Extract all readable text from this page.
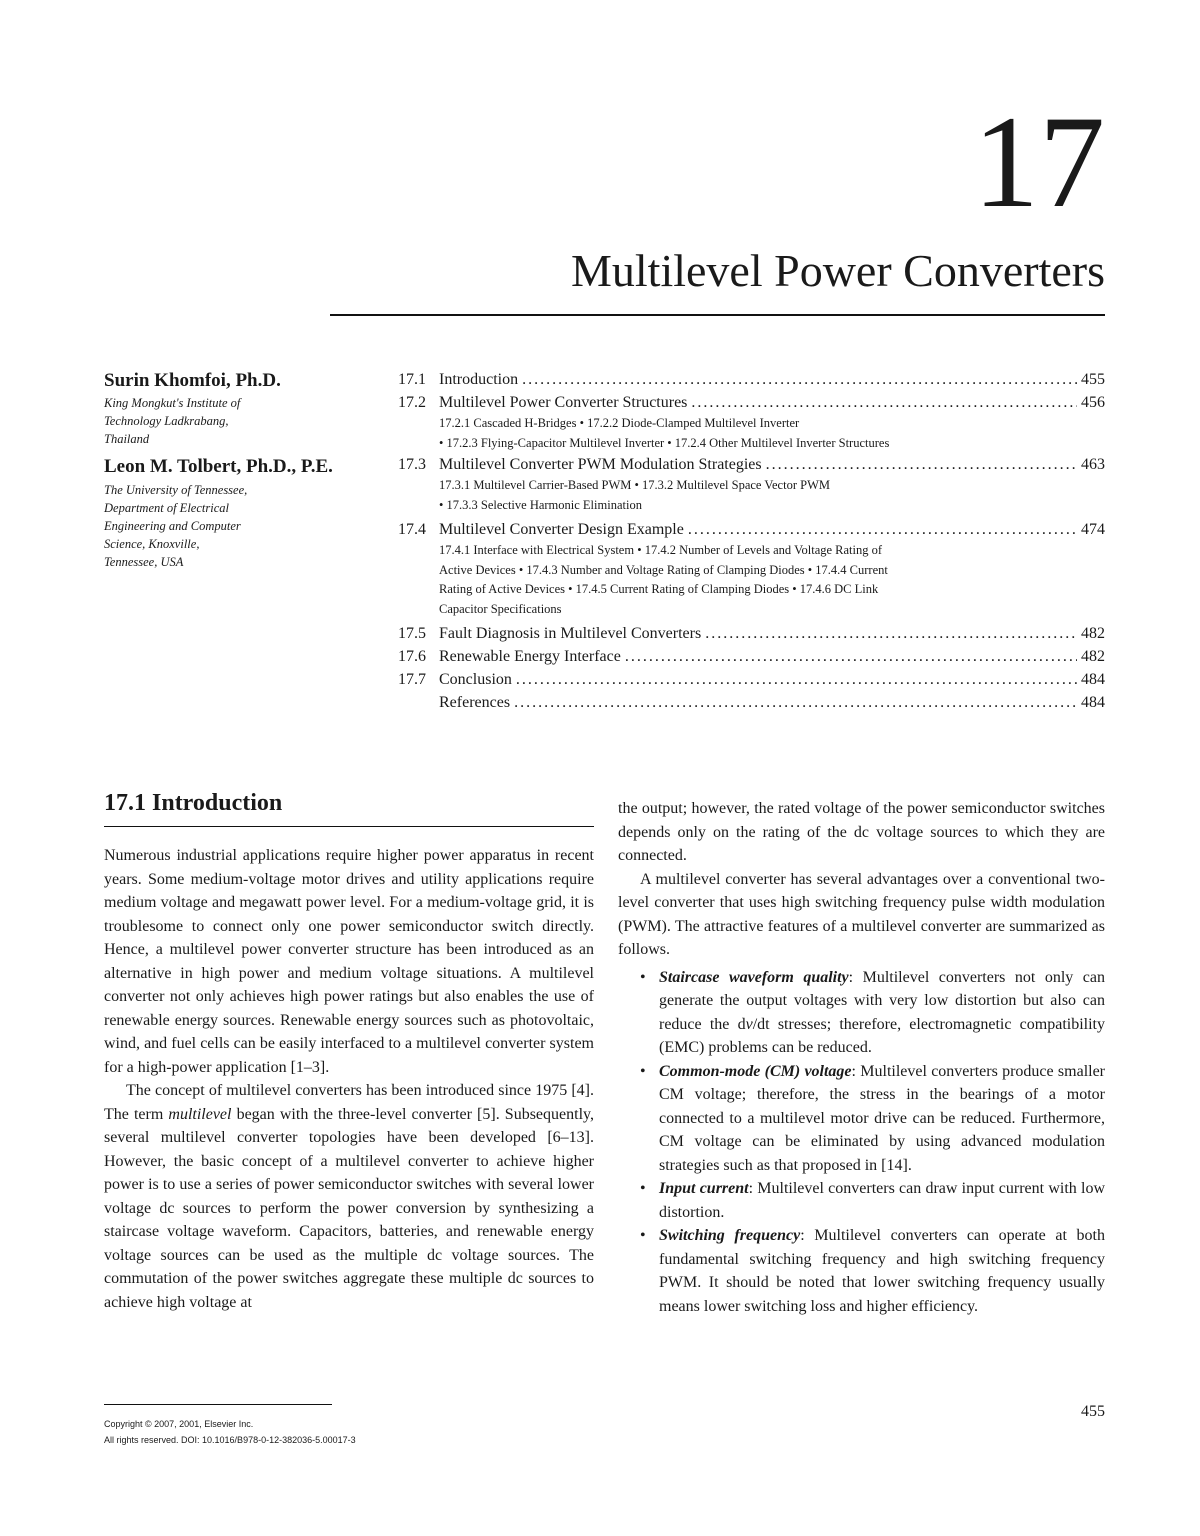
17
Multilevel Power Converters
Surin Khomfoi, Ph.D.
King Mongkut's Institute of
Technology Ladkrabang,
Thailand
Leon M. Tolbert, Ph.D., P.E.
The University of Tennessee,
Department of Electrical
Engineering and Computer
Science, Knoxville,
Tennessee, USA
17.1 Introduction .....	455
17.2 Multilevel Power Converter Structures .....	456
17.2.1 Cascaded H-Bridges • 17.2.2 Diode-Clamped Multilevel Inverter
• 17.2.3 Flying-Capacitor Multilevel Inverter • 17.2.4 Other Multilevel Inverter Structures
17.3 Multilevel Converter PWM Modulation Strategies .....	463
17.3.1 Multilevel Carrier-Based PWM • 17.3.2 Multilevel Space Vector PWM
• 17.3.3 Selective Harmonic Elimination
17.4 Multilevel Converter Design Example .....	474
17.4.1 Interface with Electrical System • 17.4.2 Number of Levels and Voltage Rating of
Active Devices • 17.4.3 Number and Voltage Rating of Clamping Diodes • 17.4.4 Current
Rating of Active Devices • 17.4.5 Current Rating of Clamping Diodes • 17.4.6 DC Link
Capacitor Specifications
17.5 Fault Diagnosis in Multilevel Converters .....	482
17.6 Renewable Energy Interface .....	482
17.7 Conclusion .....	484
References .....	484
17.1 Introduction

Numerous industrial applications require higher power apparatus in recent years. Some medium-voltage motor drives and utility applications require medium voltage and megawatt power level. For a medium-voltage grid, it is troublesome to connect only one power semiconductor switch directly. Hence, a multilevel power converter structure has been introduced as an alternative in high power and medium voltage situations. A multilevel converter not only achieves high power ratings but also enables the use of renewable energy sources. Renewable energy sources such as photovoltaic, wind, and fuel cells can be easily interfaced to a multilevel converter system for a high-power application [1–3].

The concept of multilevel converters has been introduced since 1975 [4]. The term multilevel began with the three-level converter [5]. Subsequently, several multilevel converter topologies have been developed [6–13]. However, the basic concept of a multilevel converter to achieve higher power is to use a series of power semiconductor switches with several lower voltage dc sources to perform the power conversion by synthesizing a staircase voltage waveform. Capacitors, batteries, and renewable energy voltage sources can be used as the multiple dc voltage sources. The commutation of the power switches aggregate these multiple dc sources to achieve high voltage at

the output; however, the rated voltage of the power semiconductor switches depends only on the rating of the dc voltage sources to which they are connected.

A multilevel converter has several advantages over a conventional two-level converter that uses high switching frequency pulse width modulation (PWM). The attractive features of a multilevel converter are summarized as follows.

• Staircase waveform quality: Multilevel converters not only can generate the output voltages with very low distortion but also can reduce the dv/dt stresses; therefore, electromagnetic compatibility (EMC) problems can be reduced.
• Common-mode (CM) voltage: Multilevel converters produce smaller CM voltage; therefore, the stress in the bearings of a motor connected to a multilevel motor drive can be reduced. Furthermore, CM voltage can be eliminated by using advanced modulation strategies such as that proposed in [14].
• Input current: Multilevel converters can draw input current with low distortion.
• Switching frequency: Multilevel converters can operate at both fundamental switching frequency and high switching frequency PWM. It should be noted that lower switching frequency usually means lower switching loss and higher efficiency.
Copyright © 2007, 2001, Elsevier Inc.
All rights reserved. DOI: 10.1016/B978-0-12-382036-5.00017-3
455
